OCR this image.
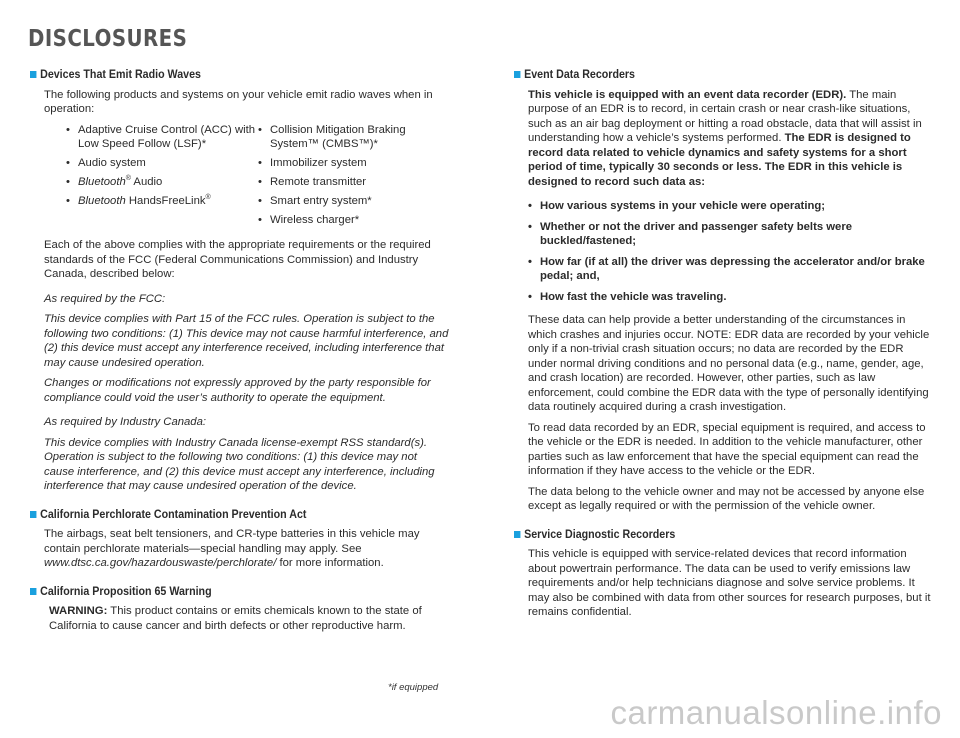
DISCLOSURES
Devices That Emit Radio Waves

The following products and systems on your vehicle emit radio waves when in operation:

• Adaptive Cruise Control (ACC) with Low Speed Follow (LSF)*
• Audio system
• Bluetooth® Audio
• Bluetooth HandsFreeLink®
• Collision Mitigation Braking System™ (CMBS™)*
• Immobilizer system
• Remote transmitter
• Smart entry system*
• Wireless charger*

Each of the above complies with the appropriate requirements or the required standards of the FCC (Federal Communications Commission) and Industry Canada, described below:

As required by the FCC:

This device complies with Part 15 of the FCC rules. Operation is subject to the following two conditions: (1) This device may not cause harmful interference, and (2) this device must accept any interference received, including interference that may cause undesired operation.

Changes or modifications not expressly approved by the party responsible for compliance could void the user’s authority to operate the equipment.

As required by Industry Canada:

This device complies with Industry Canada license-exempt RSS standard(s). Operation is subject to the following two conditions: (1) this device may not cause interference, and (2) this device must accept any interference, including interference that may cause undesired operation of the device.

California Perchlorate Contamination Prevention Act

The airbags, seat belt tensioners, and CR-type batteries in this vehicle may contain perchlorate materials—special handling may apply. See www.dtsc.ca.gov/hazardouswaste/perchlorate/ for more information.

California Proposition 65 Warning

WARNING: This product contains or emits chemicals known to the state of California to cause cancer and birth defects or other reproductive harm.

Event Data Recorders

This vehicle is equipped with an event data recorder (EDR). The main purpose of an EDR is to record, in certain crash or near crash-like situations, such as an air bag deployment or hitting a road obstacle, data that will assist in understanding how a vehicle’s systems performed. The EDR is designed to record data related to vehicle dynamics and safety systems for a short period of time, typically 30 seconds or less. The EDR in this vehicle is designed to record such data as:

• How various systems in your vehicle were operating;
• Whether or not the driver and passenger safety belts were buckled/fastened;
• How far (if at all) the driver was depressing the accelerator and/or brake pedal; and,
• How fast the vehicle was traveling.

These data can help provide a better understanding of the circumstances in which crashes and injuries occur. NOTE: EDR data are recorded by your vehicle only if a non-trivial crash situation occurs; no data are recorded by the EDR under normal driving conditions and no personal data (e.g., name, gender, age, and crash location) are recorded. However, other parties, such as law enforcement, could combine the EDR data with the type of personally identifying data routinely acquired during a crash investigation.

To read data recorded by an EDR, special equipment is required, and access to the vehicle or the EDR is needed. In addition to the vehicle manufacturer, other parties such as law enforcement that have the special equipment can read the information if they have access to the vehicle or the EDR.

The data belong to the vehicle owner and may not be accessed by anyone else except as legally required or with the permission of the vehicle owner.

Service Diagnostic Recorders

This vehicle is equipped with service-related devices that record information about powertrain performance. The data can be used to verify emissions law requirements and/or help technicians diagnose and solve service problems. It may also be combined with data from other sources for research purposes, but it remains confidential.

*if equipped
carmanualsonline.info
